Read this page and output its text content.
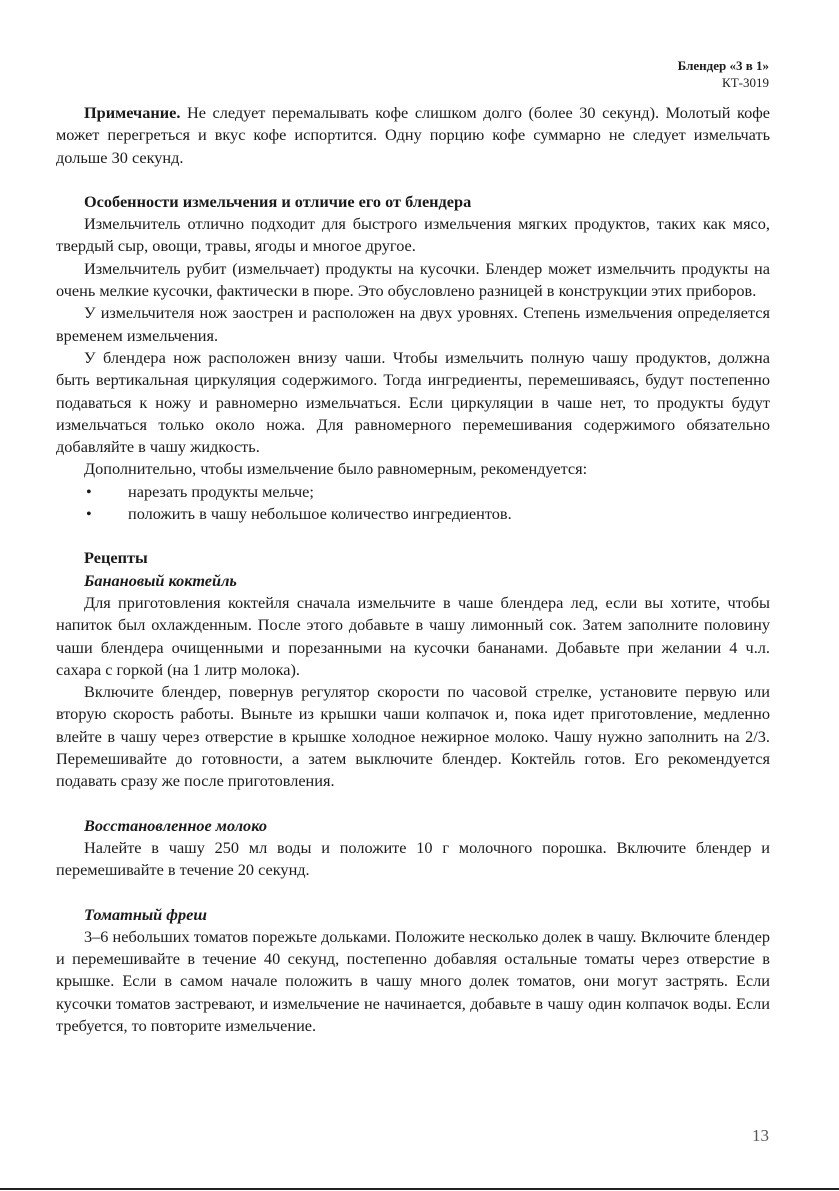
Блендер «3 в 1»
КТ-3019

Примечание. Не следует перемалывать кофе слишком долго (более 30 секунд). Молотый кофе может перегреться и вкус кофе испортится. Одну порцию кофе суммарно не следует измельчать дольше 30 секунд.

Особенности измельчения и отличие его от блендера

Измельчитель отлично подходит для быстрого измельчения мягких продуктов, таких как мясо, твердый сыр, овощи, травы, ягоды и многое другое.

Измельчитель рубит (измельчает) продукты на кусочки. Блендер может измельчить продукты на очень мелкие кусочки, фактически в пюре. Это обусловлено разницей в конструкции этих приборов.

У измельчителя нож заострен и расположен на двух уровнях. Степень измельчения определяется временем измельчения.

У блендера нож расположен внизу чаши. Чтобы измельчить полную чашу продуктов, должна быть вертикальная циркуляция содержимого. Тогда ингредиенты, перемешиваясь, будут постепенно подаваться к ножу и равномерно измельчаться. Если циркуляции в чаше нет, то продукты будут измельчаться только около ножа. Для равномерного перемешивания содержимого обязательно добавляйте в чашу жидкость.

Дополнительно, чтобы измельчение было равномерным, рекомендуется:

• нарезать продукты мельче;
• положить в чашу небольшое количество ингредиентов.
Рецепты
Банановый коктейль

Для приготовления коктейля сначала измельчите в чаше блендера лед, если вы хотите, чтобы напиток был охлажденным. После этого добавьте в чашу лимонный сок. Затем заполните половину чаши блендера очищенными и порезанными на кусочки бананами. Добавьте при желании 4 ч.л. сахара с горкой (на 1 литр молока).

Включите блендер, повернув регулятор скорости по часовой стрелке, установите первую или вторую скорость работы. Выньте из крышки чаши колпачок и, пока идет приготовление, медленно влейте в чашу через отверстие в крышке холодное нежирное молоко. Чашу нужно заполнить на 2/3. Перемешивайте до готовности, а затем выключите блендер. Коктейль готов. Его рекомендуется подавать сразу же после приготовления.

Восстановленное молоко

Налейте в чашу 250 мл воды и положите 10 г молочного порошка. Включите блендер и перемешивайте в течение 20 секунд.

Томатный фреш

3–6 небольших томатов порежьте дольками. Положите несколько долек в чашу. Включите блендер и перемешивайте в течение 40 секунд, постепенно добавляя остальные томаты через отверстие в крышке. Если в самом начале положить в чашу много долек томатов, они могут застрять. Если кусочки томатов застревают, и измельчение не начинается, добавьте в чашу один колпачок воды. Если требуется, то повторите измельчение.

13
